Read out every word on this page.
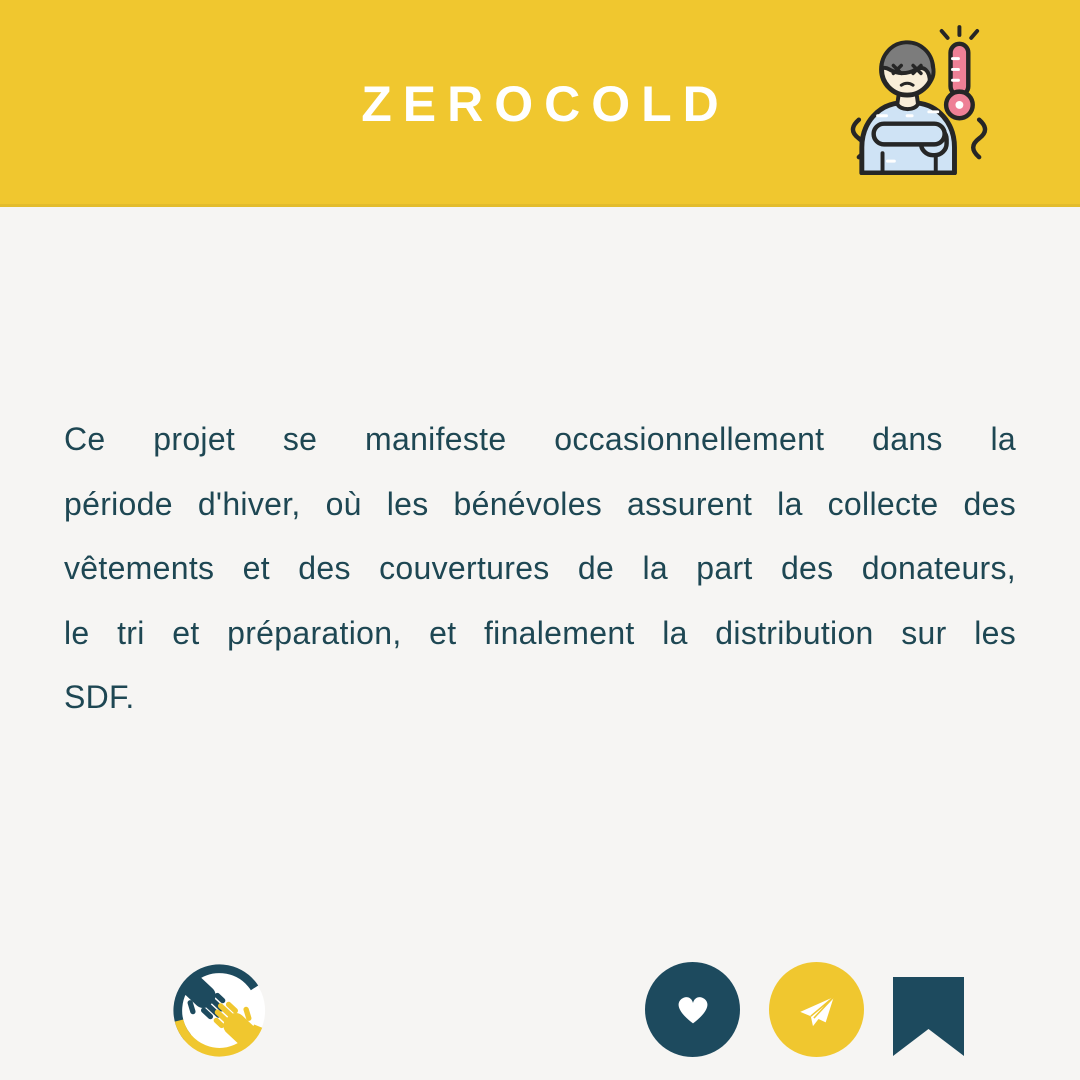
ZEROCOLD
Ce projet se manifeste occasionnellement dans la
période d'hiver, où les bénévoles assurent la collecte des
vêtements et des couvertures de la part des donateurs,
le tri et préparation, et finalement la distribution sur les
SDF.
